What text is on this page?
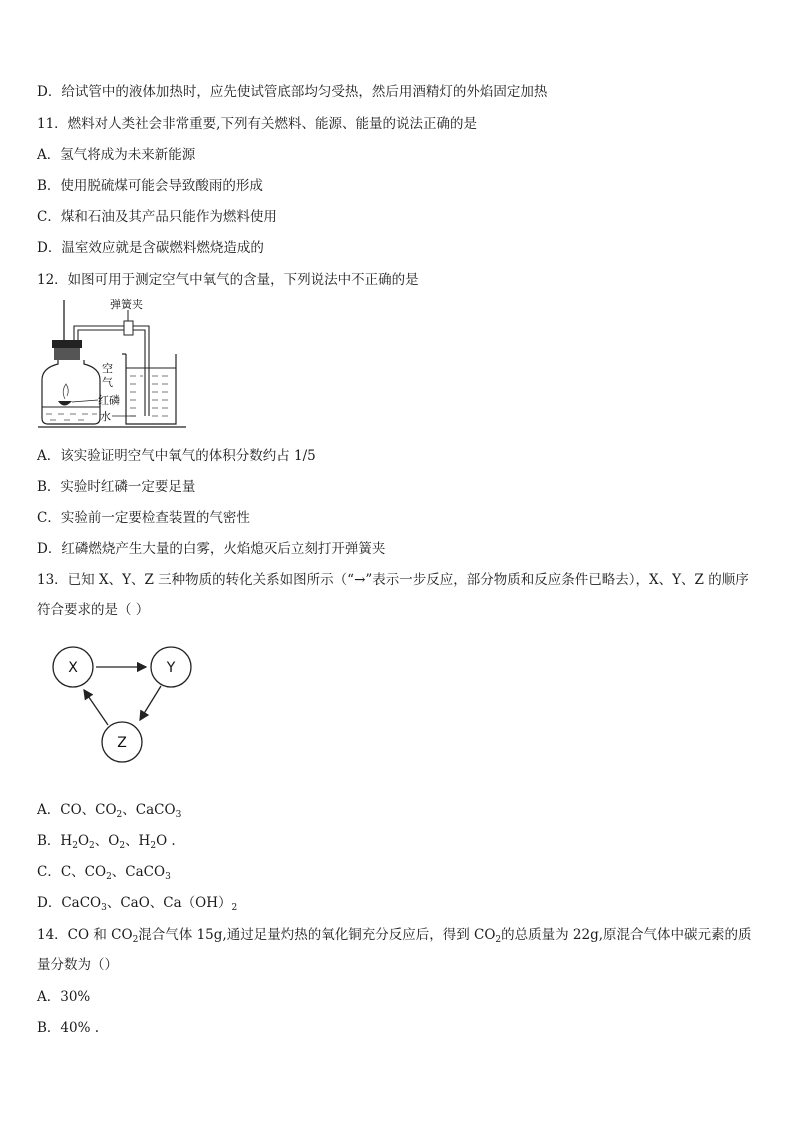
D．给试管中的液体加热时，应先使试管底部均匀受热，然后用酒精灯的外焰固定加热
11．燃料对人类社会非常重要,下列有关燃料、能源、能量的说法正确的是
A．氢气将成为未来新能源
B．使用脱硫煤可能会导致酸雨的形成
C．煤和石油及其产品只能作为燃料使用
D．温室效应就是含碳燃料燃烧造成的
12．如图可用于测定空气中氧气的含量，下列说法中不正确的是
弹簧夹
空
气
红磷
水
A．该实验证明空气中氧气的体积分数约占 1/5
B．实验时红磷一定要足量
C．实验前一定要检查装置的气密性
D．红磷燃烧产生大量的白雾，火焰熄灭后立刻打开弹簧夹
13．已知 X、Y、Z 三种物质的转化关系如图所示（“→”表示一步反应，部分物质和反应条件已略去），X、Y、Z 的顺序符合要求的是（ ）
X	Y
Z
A．CO、$CO_2$、CaCO$_3$
B．$H_2O_2$、$O_2$、$H_2O$ .
C．C、$CO_2$、CaCO$_3$
D．CaCO$_3$、CaO、$Ca(OH)_2$
14．CO 和 $CO_2$混合气体 15g,通过足量灼热的氧化铜充分反应后，得到 $CO_2$的总质量为 22g,原混合气体中碳元素的质量分数为（）
A．30%
B．40% .
